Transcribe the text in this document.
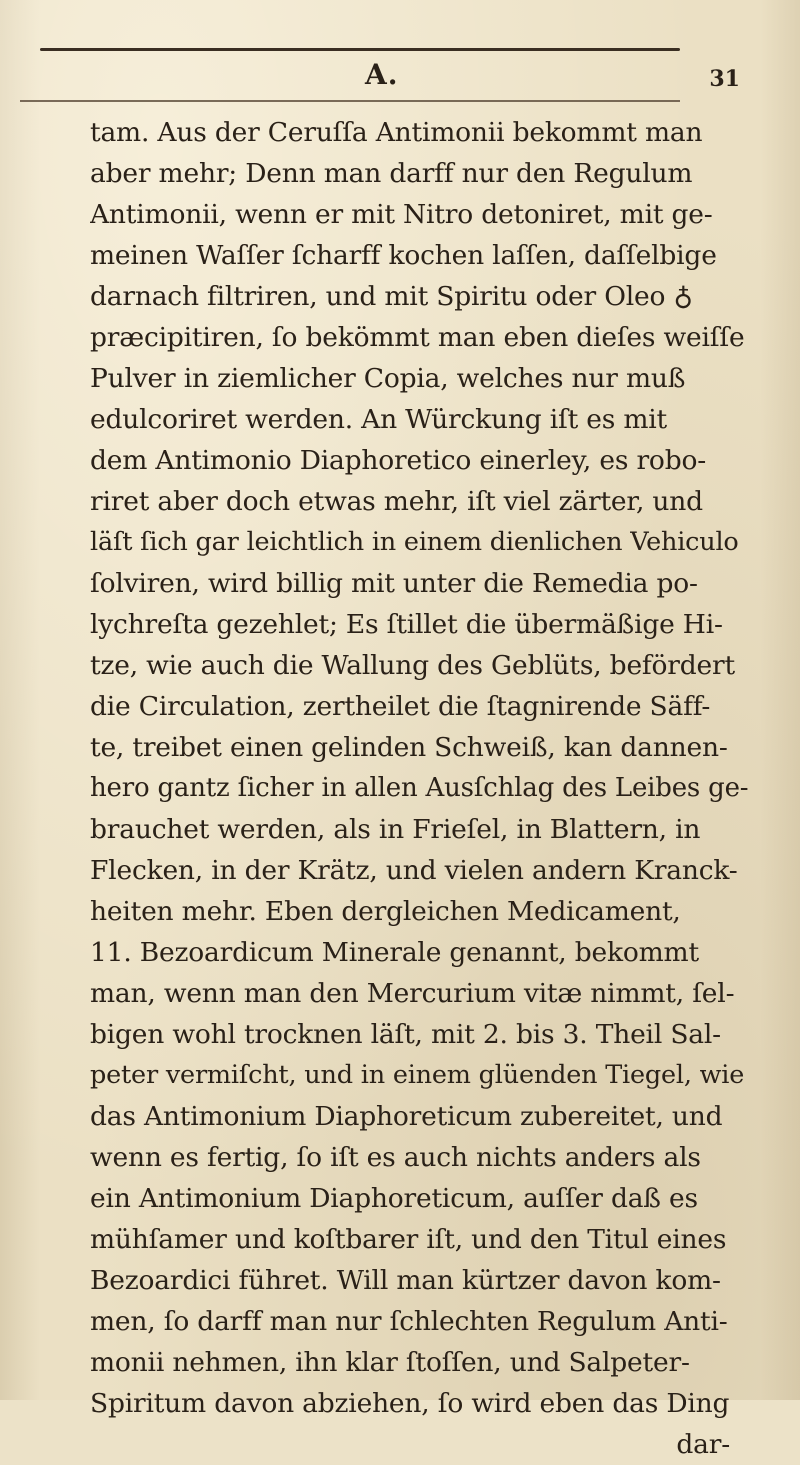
A.	31
tam. Aus der Ceruſſa Antimonii bekommt man
aber mehr; Denn man darff nur den Regulum
Antimonii, wenn er mit Nitro detoniret, mit ge-
meinen Waſſer ſcharff kochen laſſen, daſſelbige
darnach filtriren, und mit Spiritu oder Oleo ♁
præcipitiren, ſo bekömmt man eben dieſes weiſſe
Pulver in ziemlicher Copia, welches nur muß
edulcoriret werden. An Würckung iſt es mit
dem Antimonio Diaphoretico einerley, es robo-
riret aber doch etwas mehr, iſt viel zärter, und
läſt ſich gar leichtlich in einem dienlichen Vehiculo
ſolviren, wird billig mit unter die Remedia po-
lychreſta gezehlet; Es ſtillet die übermäßige Hi-
tze, wie auch die Wallung des Geblüts, befördert
die Circulation, zertheilet die ſtagnirende Säff-
te, treibet einen gelinden Schweiß, kan dannen-
hero gantz ſicher in allen Ausſchlag des Leibes ge-
brauchet werden, als in Frieſel, in Blattern, in
Flecken, in der Krätz, und vielen andern Kranck-
heiten mehr. Eben dergleichen Medicament,
11. Bezoardicum Minerale genannt, bekommt
man, wenn man den Mercurium vitæ nimmt, ſel-
bigen wohl trocknen läſt, mit 2. bis 3. Theil Sal-
peter vermiſcht, und in einem glüenden Tiegel, wie
das Antimonium Diaphoreticum zubereitet, und
wenn es fertig, ſo iſt es auch nichts anders als
ein Antimonium Diaphoreticum, auſſer daß es
mühſamer und koſtbarer iſt, und den Titul eines
Bezoardici führet. Will man kürtzer davon kom-
men, ſo darff man nur ſchlechten Regulum Anti-
monii nehmen, ihn klar ſtoſſen, und Salpeter-
Spiritum davon abziehen, ſo wird eben das Ding
dar-
